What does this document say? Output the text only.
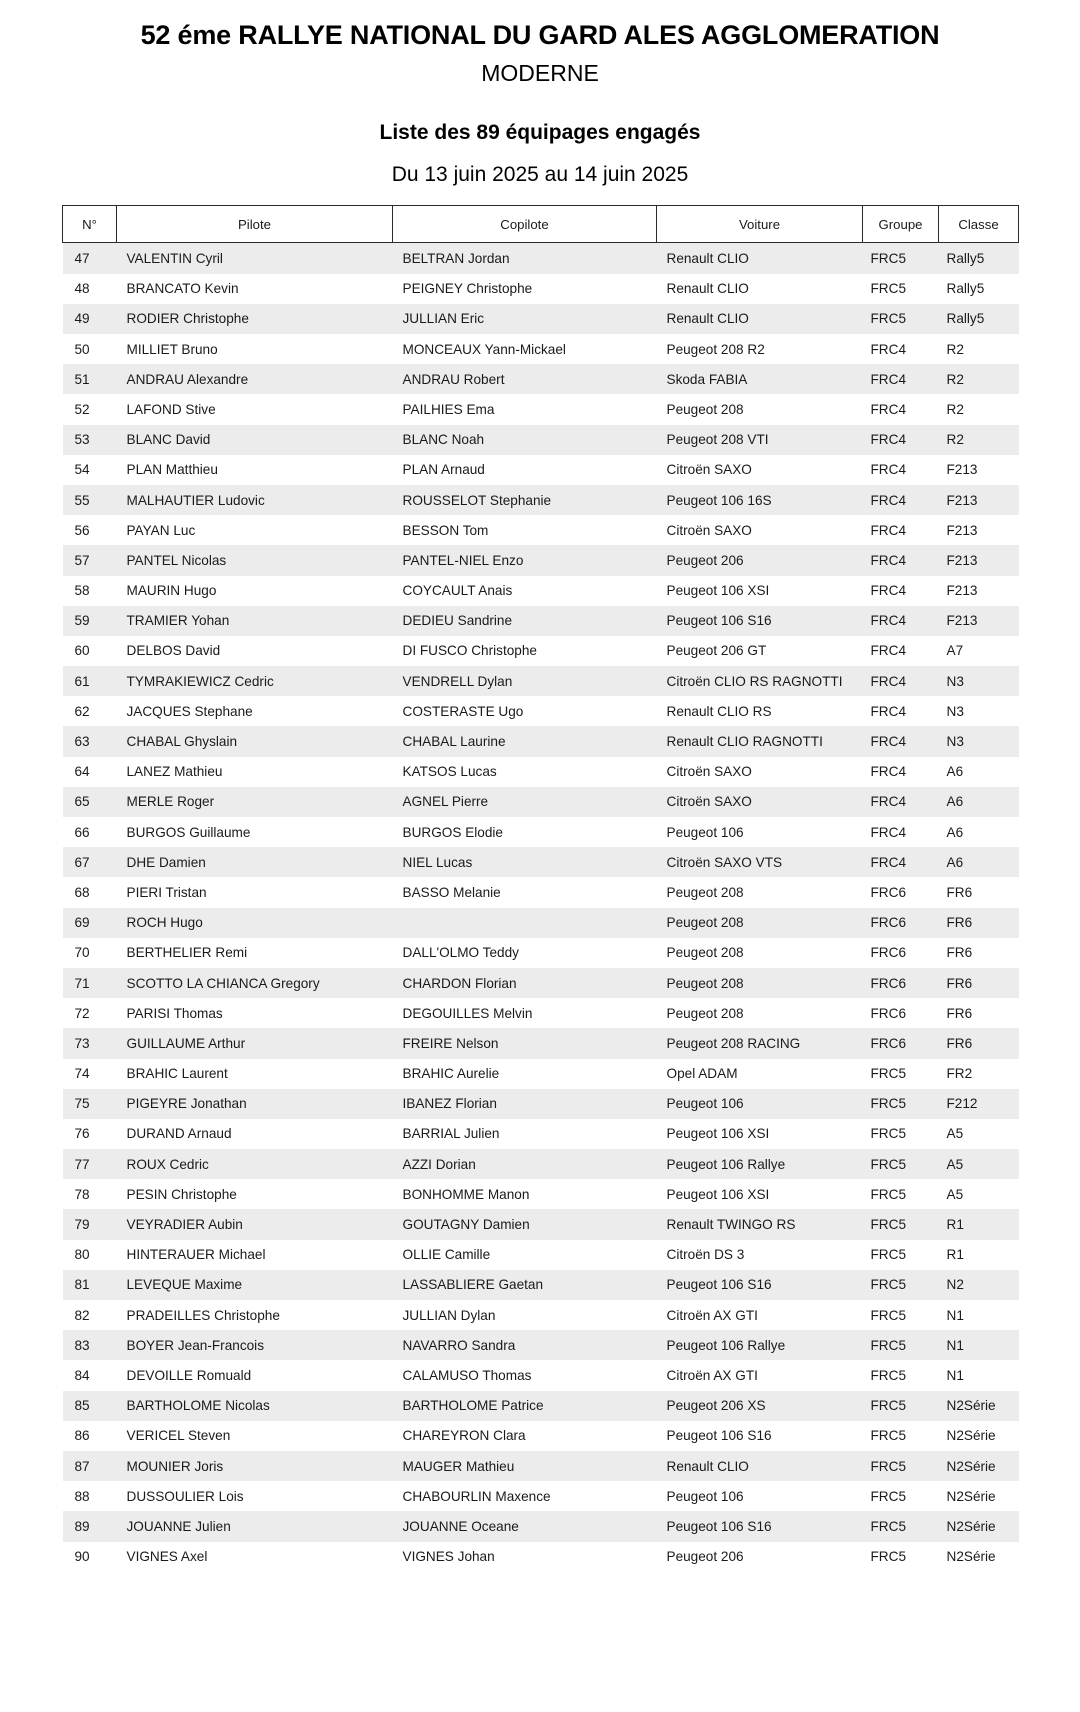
52 éme RALLYE NATIONAL DU GARD ALES AGGLOMERATION
MODERNE
Liste des 89 équipages engagés
Du 13 juin 2025 au 14 juin 2025
N°	Pilote	Copilote	Voiture	Groupe	Classe
47	VALENTIN Cyril	BELTRAN Jordan	Renault CLIO	FRC5	Rally5
48	BRANCATO Kevin	PEIGNEY Christophe	Renault CLIO	FRC5	Rally5
49	RODIER Christophe	JULLIAN Eric	Renault CLIO	FRC5	Rally5
50	MILLIET Bruno	MONCEAUX Yann-Mickael	Peugeot 208 R2	FRC4	R2
51	ANDRAU Alexandre	ANDRAU Robert	Skoda FABIA	FRC4	R2
52	LAFOND Stive	PAILHIES Ema	Peugeot 208	FRC4	R2
53	BLANC David	BLANC Noah	Peugeot 208 VTI	FRC4	R2
54	PLAN Matthieu	PLAN Arnaud	Citroën SAXO	FRC4	F213
55	MALHAUTIER Ludovic	ROUSSELOT Stephanie	Peugeot 106 16S	FRC4	F213
56	PAYAN Luc	BESSON Tom	Citroën SAXO	FRC4	F213
57	PANTEL Nicolas	PANTEL-NIEL Enzo	Peugeot 206	FRC4	F213
58	MAURIN Hugo	COYCAULT Anais	Peugeot 106 XSI	FRC4	F213
59	TRAMIER Yohan	DEDIEU Sandrine	Peugeot 106 S16	FRC4	F213
60	DELBOS David	DI FUSCO Christophe	Peugeot 206 GT	FRC4	A7
61	TYMRAKIEWICZ Cedric	VENDRELL Dylan	Citroën CLIO RS RAGNOTTI	FRC4	N3
62	JACQUES Stephane	COSTERASTE Ugo	Renault CLIO RS	FRC4	N3
63	CHABAL Ghyslain	CHABAL Laurine	Renault CLIO RAGNOTTI	FRC4	N3
64	LANEZ Mathieu	KATSOS Lucas	Citroën SAXO	FRC4	A6
65	MERLE Roger	AGNEL Pierre	Citroën SAXO	FRC4	A6
66	BURGOS Guillaume	BURGOS Elodie	Peugeot 106	FRC4	A6
67	DHE Damien	NIEL Lucas	Citroën SAXO VTS	FRC4	A6
68	PIERI Tristan	BASSO Melanie	Peugeot 208	FRC6	FR6
69	ROCH Hugo		Peugeot 208	FRC6	FR6
70	BERTHELIER Remi	DALL'OLMO Teddy	Peugeot 208	FRC6	FR6
71	SCOTTO LA CHIANCA Gregory	CHARDON Florian	Peugeot 208	FRC6	FR6
72	PARISI Thomas	DEGOUILLES Melvin	Peugeot 208	FRC6	FR6
73	GUILLAUME Arthur	FREIRE Nelson	Peugeot 208 RACING	FRC6	FR6
74	BRAHIC Laurent	BRAHIC Aurelie	Opel ADAM	FRC5	FR2
75	PIGEYRE Jonathan	IBANEZ Florian	Peugeot 106	FRC5	F212
76	DURAND Arnaud	BARRIAL Julien	Peugeot 106 XSI	FRC5	A5
77	ROUX Cedric	AZZI Dorian	Peugeot 106 Rallye	FRC5	A5
78	PESIN Christophe	BONHOMME Manon	Peugeot 106 XSI	FRC5	A5
79	VEYRADIER Aubin	GOUTAGNY Damien	Renault TWINGO RS	FRC5	R1
80	HINTERAUER Michael	OLLIE Camille	Citroën DS 3	FRC5	R1
81	LEVEQUE Maxime	LASSABLIERE Gaetan	Peugeot 106 S16	FRC5	N2
82	PRADEILLES Christophe	JULLIAN Dylan	Citroën AX GTI	FRC5	N1
83	BOYER Jean-Francois	NAVARRO Sandra	Peugeot 106 Rallye	FRC5	N1
84	DEVOILLE Romuald	CALAMUSO Thomas	Citroën AX GTI	FRC5	N1
85	BARTHOLOME Nicolas	BARTHOLOME Patrice	Peugeot 206 XS	FRC5	N2Série
86	VERICEL Steven	CHAREYRON Clara	Peugeot 106 S16	FRC5	N2Série
87	MOUNIER Joris	MAUGER Mathieu	Renault CLIO	FRC5	N2Série
88	DUSSOULIER Lois	CHABOURLIN Maxence	Peugeot 106	FRC5	N2Série
89	JOUANNE Julien	JOUANNE Oceane	Peugeot 106 S16	FRC5	N2Série
90	VIGNES Axel	VIGNES Johan	Peugeot 206	FRC5	N2Série
